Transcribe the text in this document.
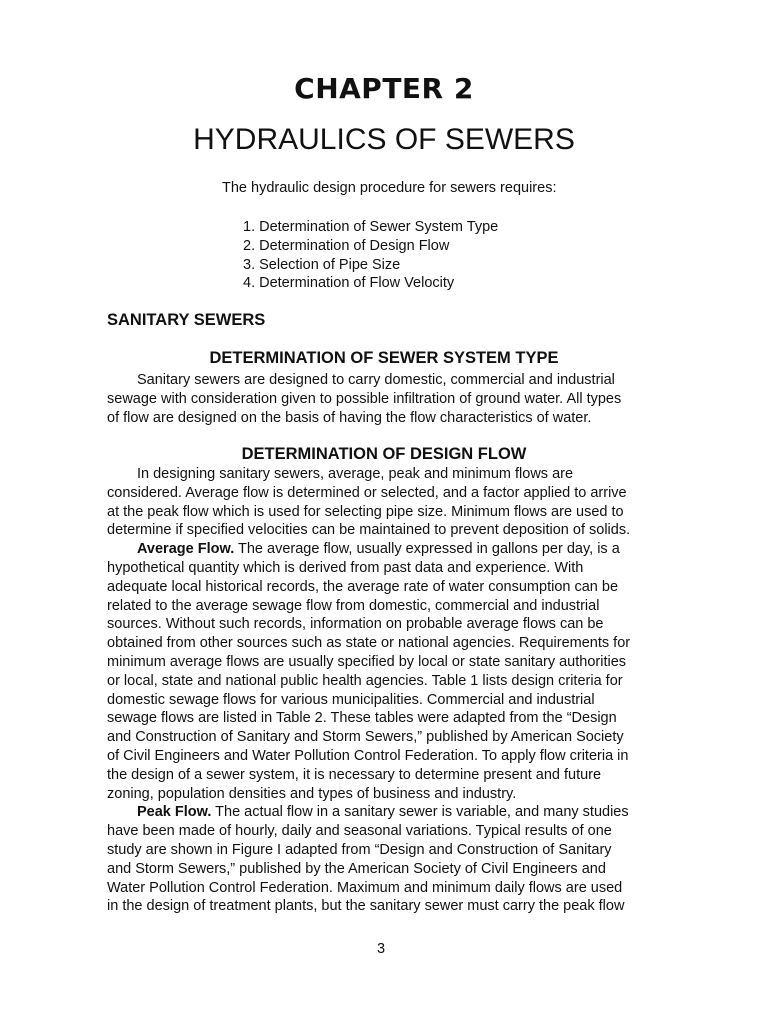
CHAPTER 2
HYDRAULICS OF SEWERS

The hydraulic design procedure for sewers requires:

1. Determination of Sewer System Type
2. Determination of Design Flow
3. Selection of Pipe Size
4. Determination of Flow Velocity
SANITARY SEWERS
DETERMINATION OF SEWER SYSTEM TYPE

Sanitary sewers are designed to carry domestic, commercial and industrial

sewage with consideration given to possible infiltration of ground water. All types

of flow are designed on the basis of having the flow characteristics of water.

DETERMINATION OF DESIGN FLOW

In designing sanitary sewers, average, peak and minimum flows are

considered. Average flow is determined or selected, and a factor applied to arrive

at the peak flow which is used for selecting pipe size. Minimum flows are used to

determine if specified velocities can be maintained to prevent deposition of solids.

Average Flow. The average flow, usually expressed in gallons per day, is a

hypothetical quantity which is derived from past data and experience. With

adequate local historical records, the average rate of water consumption can be

related to the average sewage flow from domestic, commercial and industrial

sources. Without such records, information on probable average flows can be

obtained from other sources such as state or national agencies. Requirements for

minimum average flows are usually specified by local or state sanitary authorities

or local, state and national public health agencies. Table 1 lists design criteria for

domestic sewage flows for various municipalities. Commercial and industrial

sewage flows are listed in Table 2. These tables were adapted from the “Design

and Construction of Sanitary and Storm Sewers,” published by American Society

of Civil Engineers and Water Pollution Control Federation. To apply flow criteria in

the design of a sewer system, it is necessary to determine present and future

zoning, population densities and types of business and industry.

Peak Flow. The actual flow in a sanitary sewer is variable, and many studies

have been made of hourly, daily and seasonal variations. Typical results of one

study are shown in Figure I adapted from “Design and Construction of Sanitary

and Storm Sewers,” published by the American Society of Civil Engineers and

Water Pollution Control Federation. Maximum and minimum daily flows are used

in the design of treatment plants, but the sanitary sewer must carry the peak flow

3
